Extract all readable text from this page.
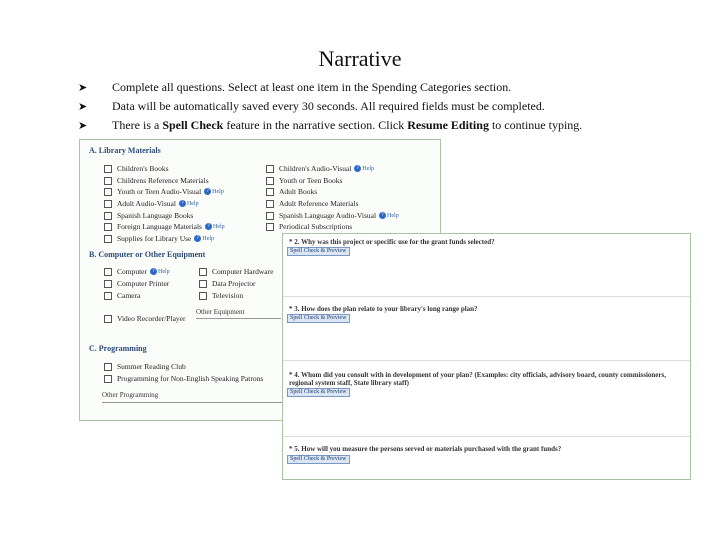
Narrative
➤	Complete all questions. Select at least one item in the Spending Categories section.
➤	Data will be automatically saved every 30 seconds. All required fields must be completed.
➤	There is a Spell Check feature in the narrative section. Click Resume Editing to continue typing.
A. Library Materials
Children's Books
Childrens Reference Materials
Youth or Teen Audio-Visual	? Help
Adult Audio-Visual	? Help
Spanish Language Books
Foreign Language Materials	? Help
Supplies for Library Use	? Help
Children's Audio-Visual	? Help
Youth or Teen Books
Adult Books
Adult Reference Materials
Spanish Language Audio-Visual	? Help
Periodical Subscriptions
B. Computer or Other Equipment
Computer	? Help
Computer Printer
Camera
Video Recorder/Player
Computer Hardware
Data Projector
Television
Other Equipment
C. Programming
Summer Reading Club
Programming for Non-English Speaking Patrons
Other Programming
* 2. Why was this project or specific use for the grant funds selected?
Spell Check & Preview
* 3. How does the plan relate to your library's long range plan?
Spell Check & Preview
* 4. Whom did you consult with in development of your plan? (Examples: city officials, advisory board, county commissioners, regional system staff, State library staff)
Spell Check & Preview
* 5. How will you measure the persons served or materials purchased with the grant funds?
Spell Check & Preview
